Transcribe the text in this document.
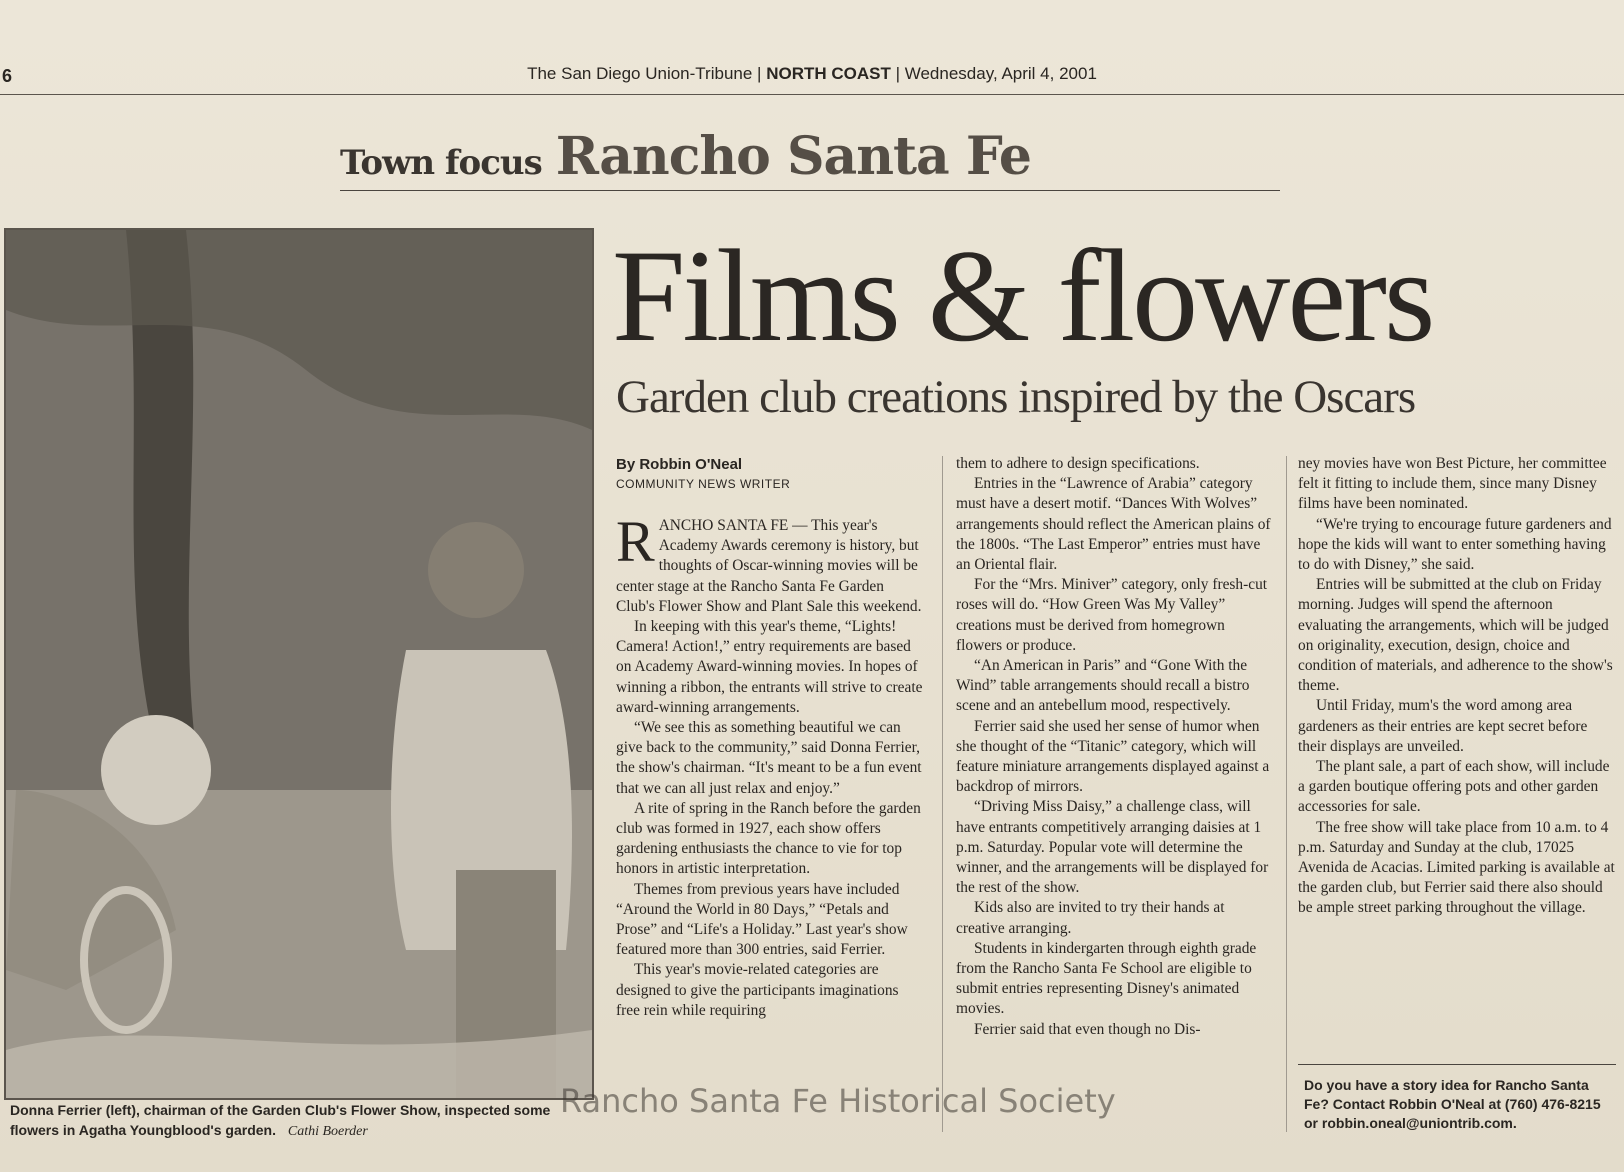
6	The San Diego Union-Tribune | NORTH COAST | Wednesday, April 4, 2001
Town focus Rancho Santa Fe
Donna Ferrier (left), chairman of the Garden Club's Flower Show, inspected some flowers in Agatha Youngblood's garden. Cathi Boerder
Films & flowers
Garden club creations inspired by the Oscars
By Robbin O'Neal
COMMUNITY NEWS WRITER

RANCHO SANTA FE — This year's Academy Awards ceremony is history, but thoughts of Oscar-winning movies will be center stage at the Rancho Santa Fe Garden Club's Flower Show and Plant Sale this weekend.

In keeping with this year's theme, “Lights! Camera! Action!,” entry requirements are based on Academy Award-winning movies. In hopes of winning a ribbon, the entrants will strive to create award-winning arrangements.

“We see this as something beautiful we can give back to the community,” said Donna Ferrier, the show's chairman. “It's meant to be a fun event that we can all just relax and enjoy.”

A rite of spring in the Ranch before the garden club was formed in 1927, each show offers gardening enthusiasts the chance to vie for top honors in artistic interpretation.

Themes from previous years have included “Around the World in 80 Days,” “Petals and Prose” and “Life's a Holiday.” Last year's show featured more than 300 entries, said Ferrier.

This year's movie-related categories are designed to give the participants imaginations free rein while requiring

them to adhere to design specifications.

Entries in the “Lawrence of Arabia” category must have a desert motif. “Dances With Wolves” arrangements should reflect the American plains of the 1800s. “The Last Emperor” entries must have an Oriental flair.

For the “Mrs. Miniver” category, only fresh-cut roses will do. “How Green Was My Valley” creations must be derived from homegrown flowers or produce.

“An American in Paris” and “Gone With the Wind” table arrangements should recall a bistro scene and an antebellum mood, respectively.

Ferrier said she used her sense of humor when she thought of the “Titanic” category, which will feature miniature arrangements displayed against a backdrop of mirrors.

“Driving Miss Daisy,” a challenge class, will have entrants competitively arranging daisies at 1 p.m. Saturday. Popular vote will determine the winner, and the arrangements will be displayed for the rest of the show.

Kids also are invited to try their hands at creative arranging.

Students in kindergarten through eighth grade from the Rancho Santa Fe School are eligible to submit entries representing Disney's animated movies.

Ferrier said that even though no Dis-

ney movies have won Best Picture, her committee felt it fitting to include them, since many Disney films have been nominated.

“We're trying to encourage future gardeners and hope the kids will want to enter something having to do with Disney,” she said.

Entries will be submitted at the club on Friday morning. Judges will spend the afternoon evaluating the arrangements, which will be judged on originality, execution, design, choice and condition of materials, and adherence to the show's theme.

Until Friday, mum's the word among area gardeners as their entries are kept secret before their displays are unveiled.

The plant sale, a part of each show, will include a garden boutique offering pots and other garden accessories for sale.

The free show will take place from 10 a.m. to 4 p.m. Saturday and Sunday at the club, 17025 Avenida de Acacias. Limited parking is available at the garden club, but Ferrier said there also should be ample street parking throughout the village.

Do you have a story idea for Rancho Santa Fe? Contact Robbin O'Neal at (760) 476-8215 or robbin.oneal@uniontrib.com.
Rancho Santa Fe Historical Society
